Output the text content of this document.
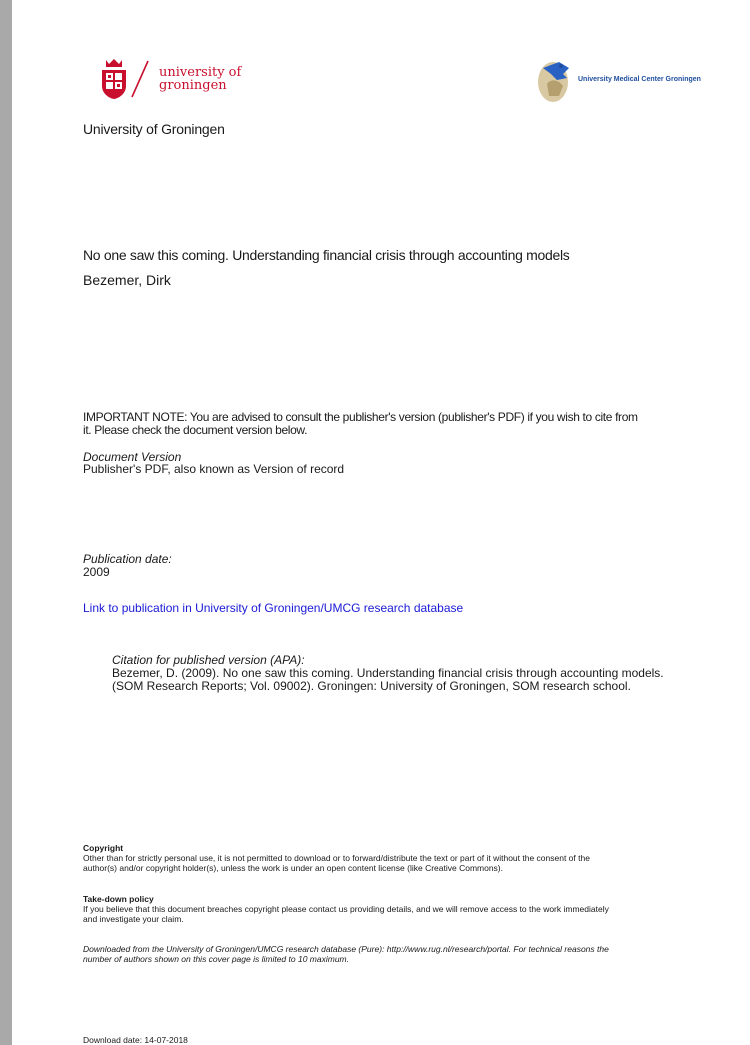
university of
groningen	University Medical Center Groningen
University of Groningen
No one saw this coming. Understanding financial crisis through accounting models
Bezemer, Dirk
IMPORTANT NOTE: You are advised to consult the publisher's version (publisher's PDF) if you wish to cite from
it. Please check the document version below.
Document Version
Publisher's PDF, also known as Version of record
Publication date:
2009
Link to publication in University of Groningen/UMCG research database
Citation for published version (APA):
Bezemer, D. (2009). No one saw this coming. Understanding financial crisis through accounting models.
(SOM Research Reports; Vol. 09002). Groningen: University of Groningen, SOM research school.
Copyright
Other than for strictly personal use, it is not permitted to download or to forward/distribute the text or part of it without the consent of the
author(s) and/or copyright holder(s), unless the work is under an open content license (like Creative Commons).
Take-down policy
If you believe that this document breaches copyright please contact us providing details, and we will remove access to the work immediately
and investigate your claim.
Downloaded from the University of Groningen/UMCG research database (Pure): http://www.rug.nl/research/portal. For technical reasons the
number of authors shown on this cover page is limited to 10 maximum.
Download date: 14-07-2018
